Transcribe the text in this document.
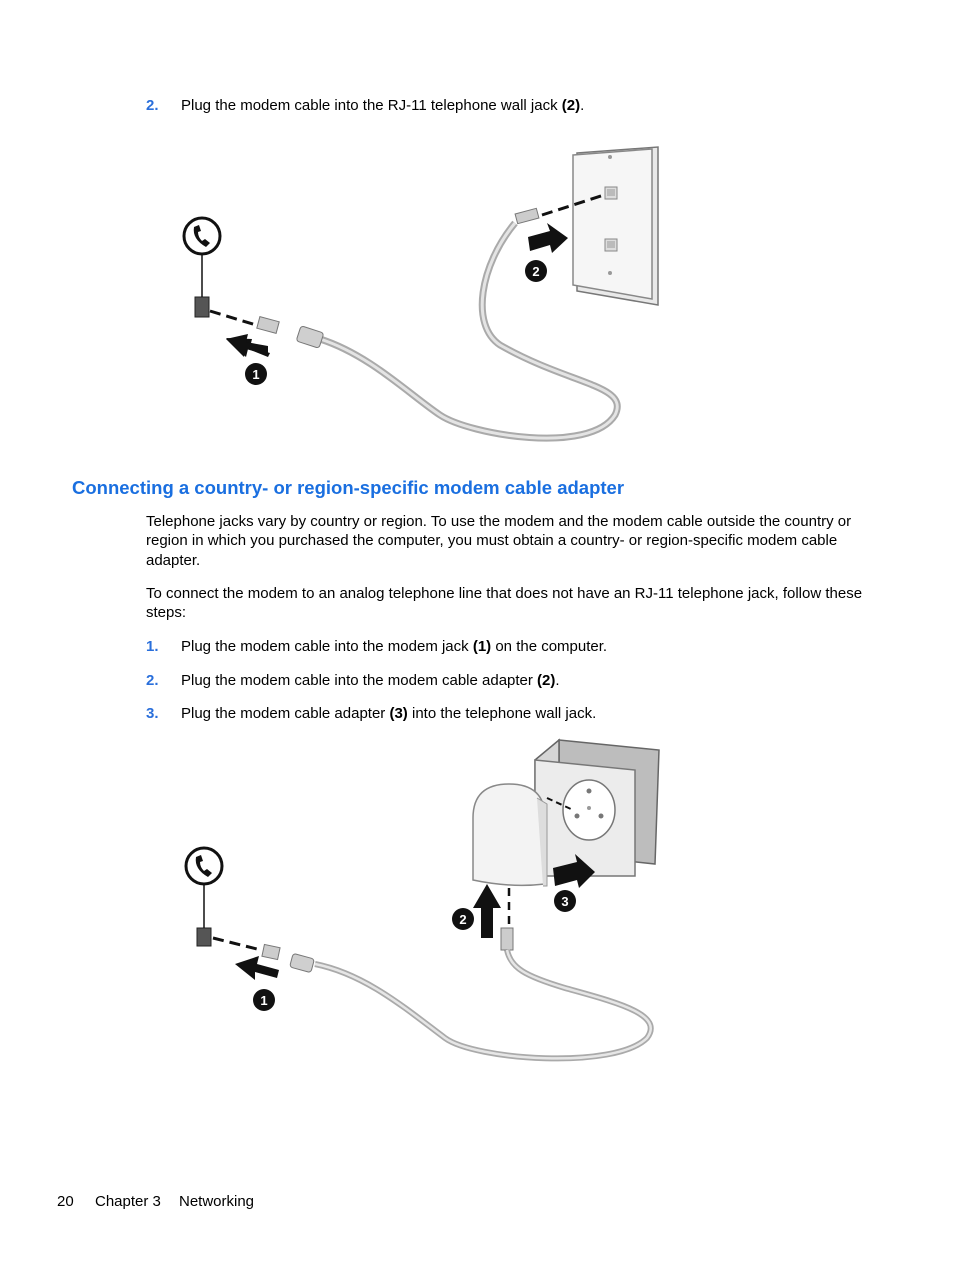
2. Plug the modem cable into the RJ-11 telephone wall jack (2).
2
1
Connecting a country- or region-specific modem cable adapter
Telephone jacks vary by country or region. To use the modem and the modem cable outside the country or region in which you purchased the computer, you must obtain a country- or region-specific modem cable adapter.
To connect the modem to an analog telephone line that does not have an RJ-11 telephone jack, follow these steps:
1. Plug the modem cable into the modem jack (1) on the computer.
2. Plug the modem cable into the modem cable adapter (2).
3. Plug the modem cable adapter (3) into the telephone wall jack.
3
2
1
20 Chapter 3 Networking
